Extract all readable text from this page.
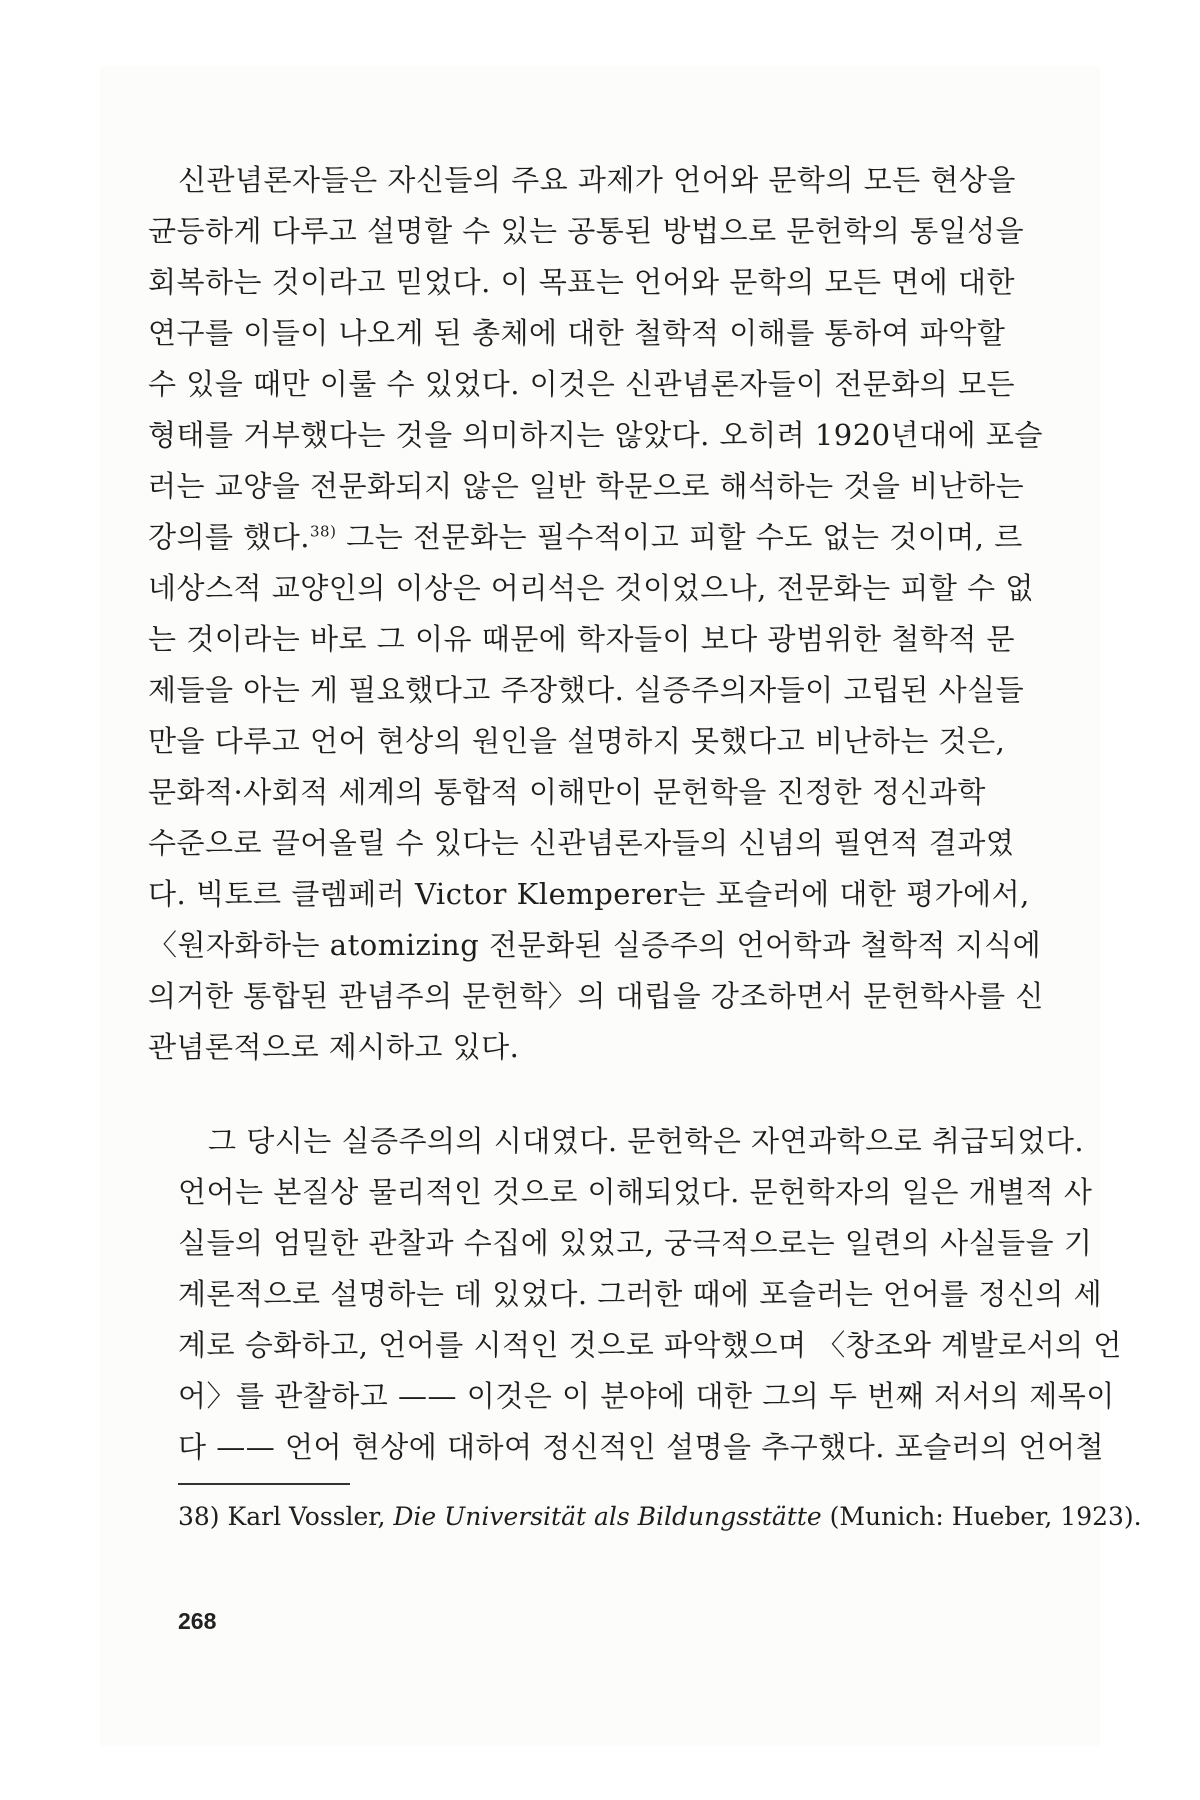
신관념론자들은 자신들의 주요 과제가 언어와 문학의 모든 현상을
균등하게 다루고 설명할 수 있는 공통된 방법으로 문헌학의 통일성을
회복하는 것이라고 믿었다. 이 목표는 언어와 문학의 모든 면에 대한
연구를 이들이 나오게 된 총체에 대한 철학적 이해를 통하여 파악할
수 있을 때만 이룰 수 있었다. 이것은 신관념론자들이 전문화의 모든
형태를 거부했다는 것을 의미하지는 않았다. 오히려 1920년대에 포슬
러는 교양을 전문화되지 않은 일반 학문으로 해석하는 것을 비난하는
강의를 했다.$^{38)}$ 그는 전문화는 필수적이고 피할 수도 없는 것이며, 르
네상스적 교양인의 이상은 어리석은 것이었으나, 전문화는 피할 수 없
는 것이라는 바로 그 이유 때문에 학자들이 보다 광범위한 철학적 문
제들을 아는 게 필요했다고 주장했다. 실증주의자들이 고립된 사실들
만을 다루고 언어 현상의 원인을 설명하지 못했다고 비난하는 것은,
문화적·사회적 세계의 통합적 이해만이 문헌학을 진정한 정신과학
수준으로 끌어올릴 수 있다는 신관념론자들의 신념의 필연적 결과였
다. 빅토르 클렘페러 Victor Klemperer는 포슬러에 대한 평가에서,
〈원자화하는 atomizing 전문화된 실증주의 언어학과 철학적 지식에
의거한 통합된 관념주의 문헌학〉의 대립을 강조하면서 문헌학사를 신
관념론적으로 제시하고 있다.
그 당시는 실증주의의 시대였다. 문헌학은 자연과학으로 취급되었다.
언어는 본질상 물리적인 것으로 이해되었다. 문헌학자의 일은 개별적 사
실들의 엄밀한 관찰과 수집에 있었고, 궁극적으로는 일련의 사실들을 기
계론적으로 설명하는 데 있었다. 그러한 때에 포슬러는 언어를 정신의 세
계로 승화하고, 언어를 시적인 것으로 파악했으며 〈창조와 계발로서의 언
어〉를 관찰하고 —— 이것은 이 분야에 대한 그의 두 번째 저서의 제목이
다 —— 언어 현상에 대하여 정신적인 설명을 추구했다. 포슬러의 언어철
38) Karl Vossler, Die Universität als Bildungsstätte (Munich: Hueber, 1923).
268
